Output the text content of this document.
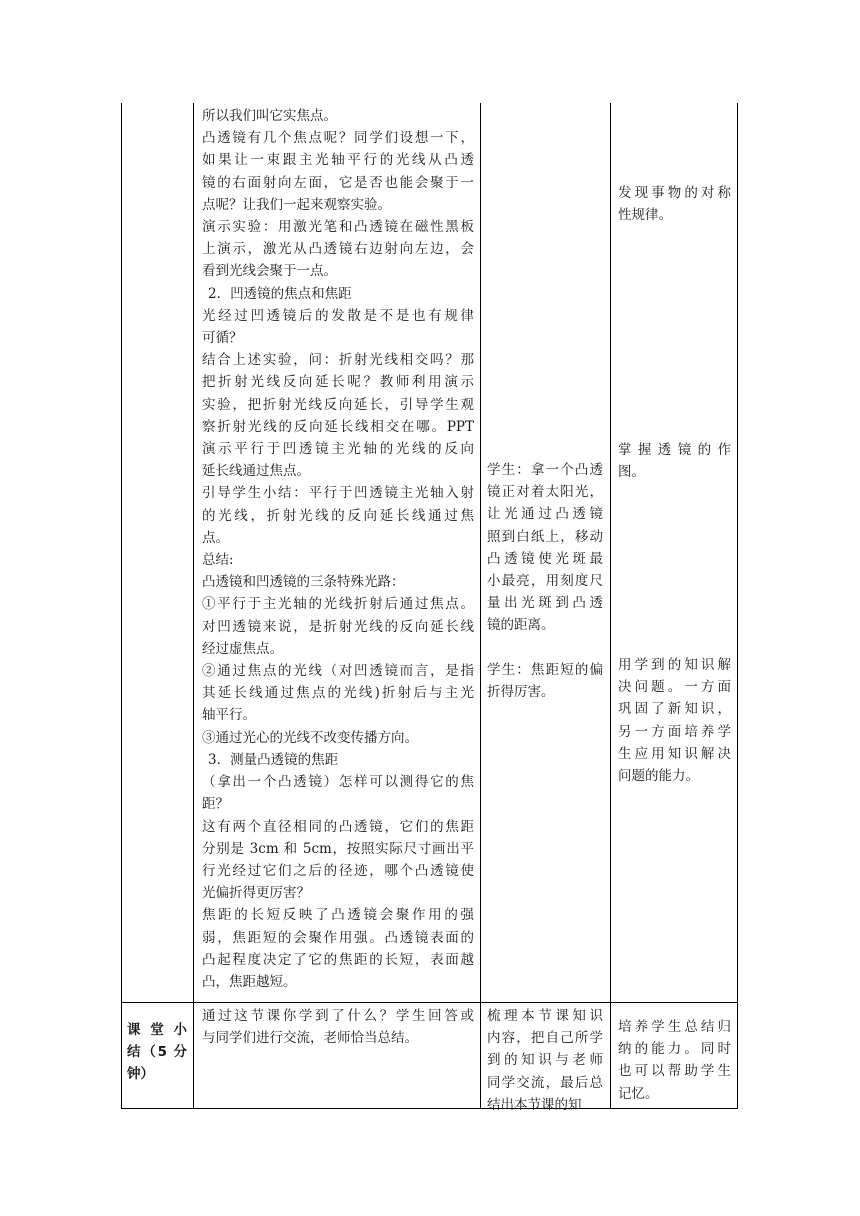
所以我们叫它实焦点。

凸透镜有几个焦点呢？同学们设想一下，

如果让一束跟主光轴平行的光线从凸透

镜的右面射向左面，它是否也能会聚于一

点呢？让我们一起来观察实验。

演示实验：用激光笔和凸透镜在磁性黑板

上演示，激光从凸透镜右边射向左边，会

看到光线会聚于一点。

2．凹透镜的焦点和焦距

光经过凹透镜后的发散是不是也有规律

可循？

结合上述实验，问：折射光线相交吗？那

把折射光线反向延长呢？教师利用演示

实验，把折射光线反向延长，引导学生观

察折射光线的反向延长线相交在哪。PPT

演示平行于凹透镜主光轴的光线的反向

延长线通过焦点。

引导学生小结：平行于凹透镜主光轴入射

的光线，折射光线的反向延长线通过焦

点。

总结:

凸透镜和凹透镜的三条特殊光路：

①平行于主光轴的光线折射后通过焦点。

对凹透镜来说，是折射光线的反向延长线

经过虚焦点。

②通过焦点的光线（对凹透镜而言，是指

其延长线通过焦点的光线)折射后与主光

轴平行。

③通过光心的光线不改变传播方向。

3．测量凸透镜的焦距

（拿出一个凸透镜）怎样可以测得它的焦

距？

这有两个直径相同的凸透镜，它们的焦距

分别是 3cm 和 5cm，按照实际尺寸画出平

行光经过它们之后的径迹，哪个凸透镜使

光偏折得更厉害？

焦距的长短反映了凸透镜会聚作用的强

弱，焦距短的会聚作用强。凸透镜表面的

凸起程度决定了它的焦距的长短，表面越

凸，焦距越短。

学生：拿一个凸透

镜正对着太阳光，

让光通过凸透镜

照到白纸上，移动

凸透镜使光斑最

小最亮，用刻度尺

量出光斑到凸透

镜的距离。

学生：焦距短的偏

折得厉害。

发现事物的对称

性规律。

掌 握 透 镜 的 作

图。

用学到的知识解

决问题。一方面

巩固了新知识，

另一方面培养学

生应用知识解决

问题的能力。

课 堂 小

结（5 分

钟）

通过这节课你学到了什么？学生回答或

与同学们进行交流，老师恰当总结。

梳理本节课知识

内容，把自己所学

到的知识与老师

同学交流，最后总

结出本节课的知

培养学生总结归

纳的能力。同时

也可以帮助学生

记忆。
